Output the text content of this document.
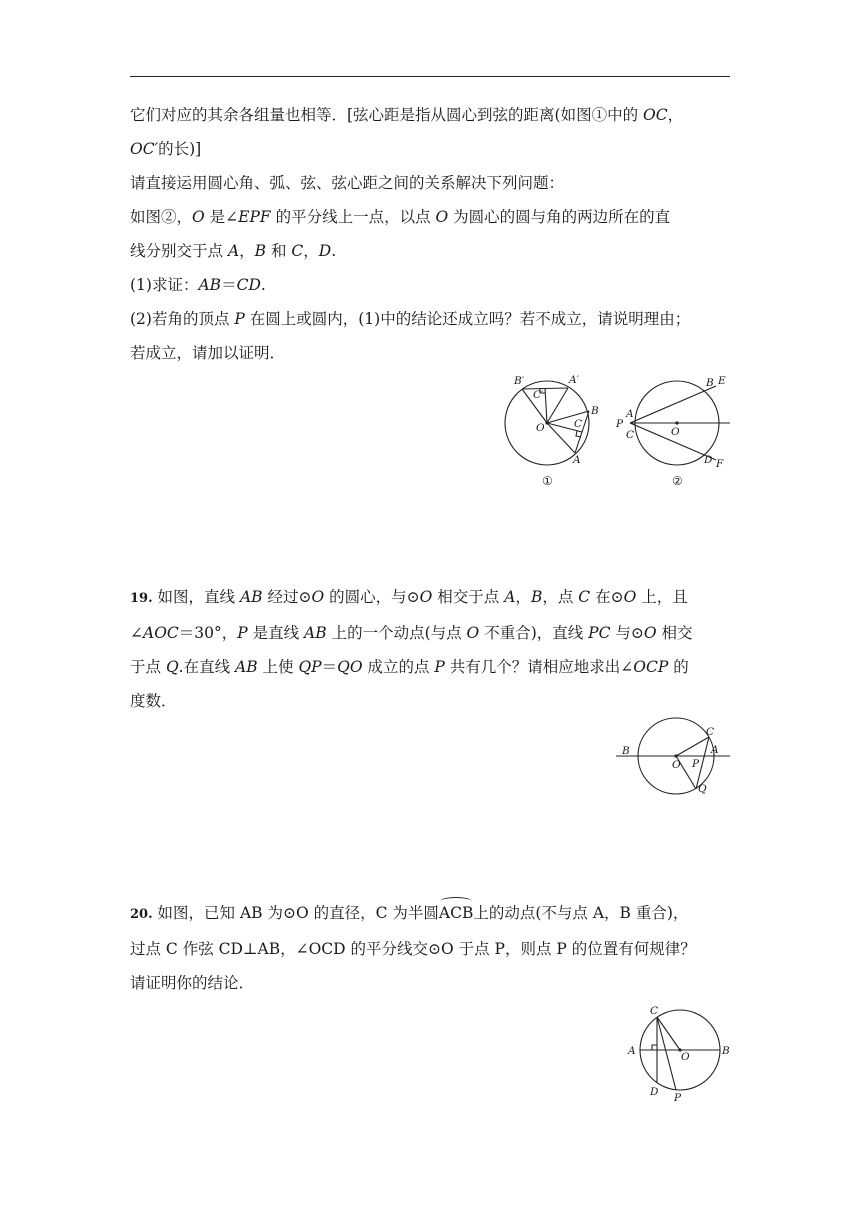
它们对应的其余各组量也相等．[弦心距是指从圆心到弦的距离(如图①中的 OC，

OC′的长)]

请直接运用圆心角、弧、弦、弦心距之间的关系解决下列问题：

如图②，O 是∠EPF 的平分线上一点，以点 O 为圆心的圆与角的两边所在的直

线分别交于点 A，B 和 C，D.

(1)求证：AB＝CD.

(2)若角的顶点 P 在圆上或圆内，(1)中的结论还成立吗？若不成立，请说明理由；

若成立，请加以证明．

B′	A′
C′
B
O	C
A
①
B E
A
P
C	O
D F
②

19. 如图，直线 AB 经过⊙O 的圆心，与⊙O 相交于点 A，B，点 C 在⊙O 上，且

∠AOC＝30°，P 是直线 AB 上的一个动点(与点 O 不重合)，直线 PC 与⊙O 相交

于点 Q.在直线 AB 上使 QP＝QO 成立的点 P 共有几个？请相应地求出∠OCP 的

度数．

B
C
A
O P
Q

20. 如图，已知 AB 为⊙O 的直径，C 为半圆ACB上的动点(不与点 A，B 重合)，

过点 C 作弦 CD⊥AB，∠OCD 的平分线交⊙O 于点 P，则点 P 的位置有何规律？

请证明你的结论．

C
A	O	B
D P
